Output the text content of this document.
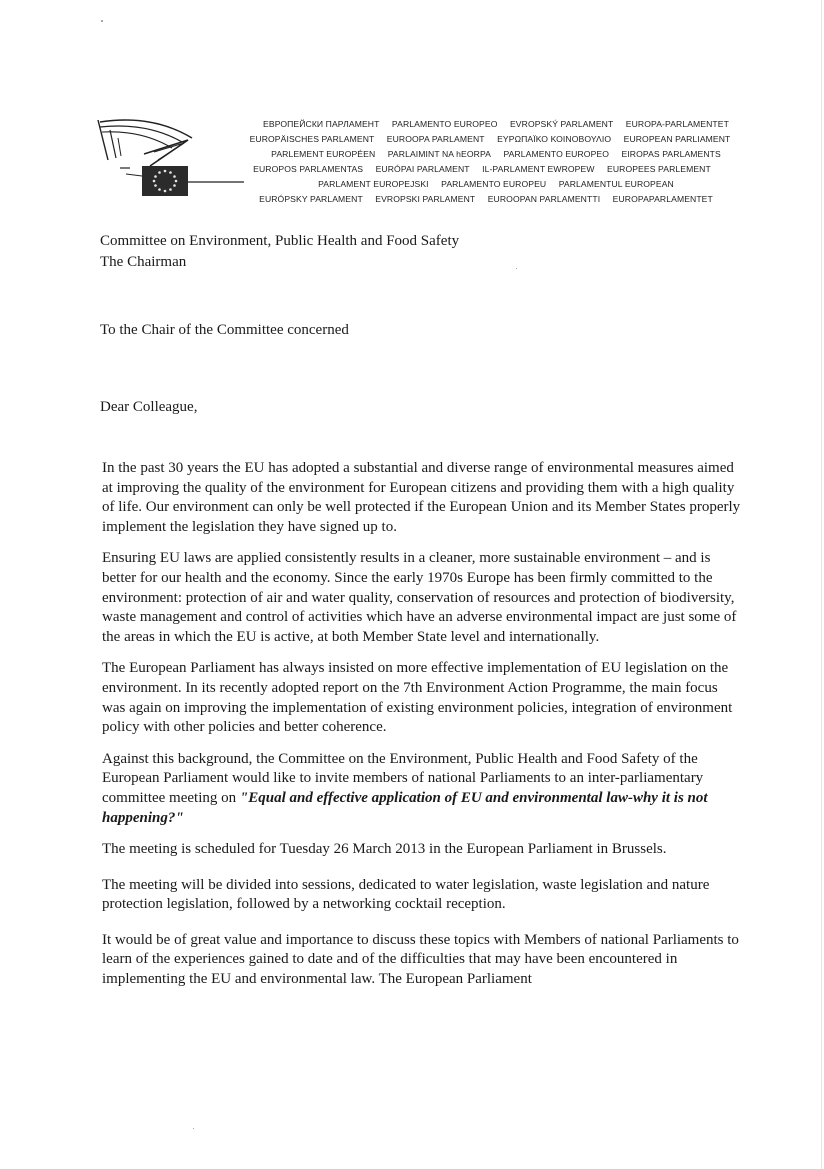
ЕВРОПЕЙСКИ ПАРЛАМЕНТ PARLAMENTO EUROPEO EVROPSKÝ PARLAMENT EUROPA-PARLAMENTET
EUROPÄISCHES PARLAMENT EUROOPA PARLAMENT ΕΥΡΩΠΑΪΚΟ ΚΟΙΝΟΒΟΥΛΙΟ EUROPEAN PARLIAMENT
PARLEMENT EUROPÉEN PARLAIMINT NA hEORPA PARLAMENTO EUROPEO EIROPAS PARLAMENTS
EUROPOS PARLAMENTAS EURÓPAI PARLAMENT IL-PARLAMENT EWROPEW EUROPEES PARLEMENT
PARLAMENT EUROPEJSKI PARLAMENTO EUROPEU PARLAMENTUL EUROPEAN
EURÓPSKY PARLAMENT EVROPSKI PARLAMENT EUROOPAN PARLAMENTTI EUROPAPARLAMENTET
Committee on Environment, Public Health and Food Safety
The Chairman
To the Chair of the Committee concerned
Dear Colleague,

In the past 30 years the EU has adopted a substantial and diverse range of environmental measures aimed at improving the quality of the environment for European citizens and providing them with a high quality of life. Our environment can only be well protected if the European Union and its Member States properly implement the legislation they have signed up to.

Ensuring EU laws are applied consistently results in a cleaner, more sustainable environment – and is better for our health and the economy. Since the early 1970s Europe has been firmly committed to the environment: protection of air and water quality, conservation of resources and protection of biodiversity, waste management and control of activities which have an adverse environmental impact are just some of the areas in which the EU is active, at both Member State level and internationally.

The European Parliament has always insisted on more effective implementation of EU legislation on the environment. In its recently adopted report on the 7th Environment Action Programme, the main focus was again on improving the implementation of existing environment policies, integration of environment policy with other policies and better coherence.

Against this background, the Committee on the Environment, Public Health and Food Safety of the European Parliament would like to invite members of national Parliaments to an inter-parliamentary committee meeting on "Equal and effective application of EU and environmental law-why it is not happening?"

The meeting is scheduled for Tuesday 26 March 2013 in the European Parliament in Brussels.

The meeting will be divided into sessions, dedicated to water legislation, waste legislation and nature protection legislation, followed by a networking cocktail reception.

It would be of great value and importance to discuss these topics with Members of national Parliaments to learn of the experiences gained to date and of the difficulties that may have been encountered in implementing the EU and environmental law. The European Parliament
